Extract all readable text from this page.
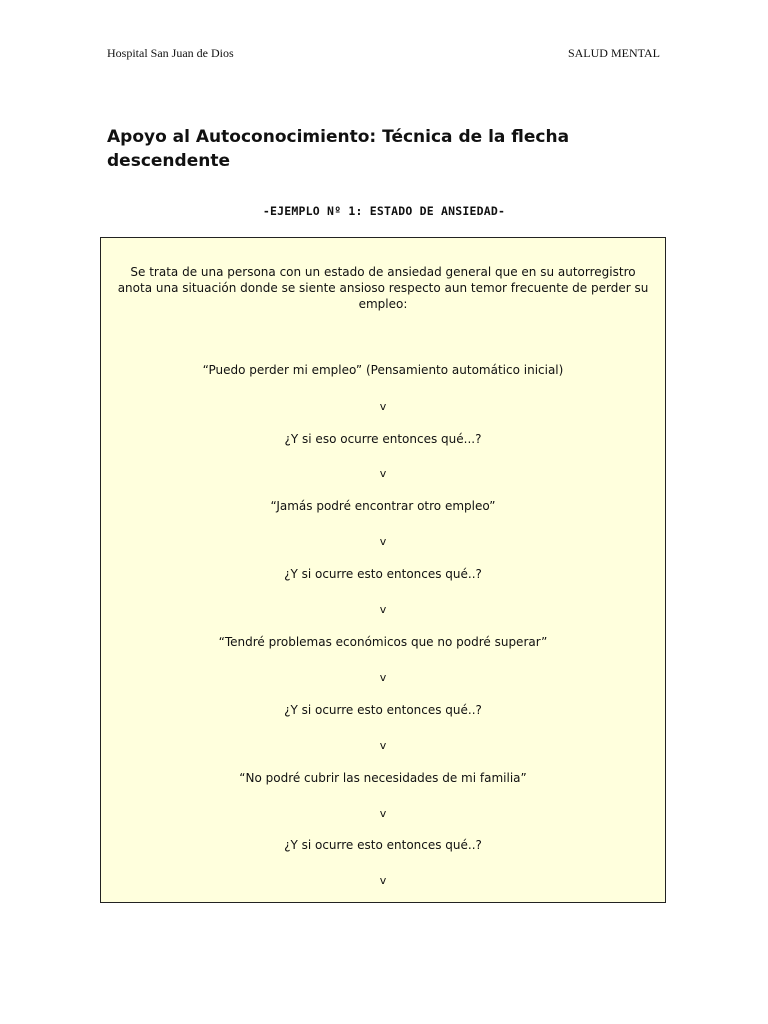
Hospital San Juan de Dios	SALUD MENTAL
Apoyo al Autoconocimiento: Técnica de la flecha descendente
-EJEMPLO Nº 1: ESTADO DE ANSIEDAD-
Se trata de una persona con un estado de ansiedad general que en su autorregistro anota una situación donde se siente ansioso respecto aun temor frecuente de perder su empleo:
“Puedo perder mi empleo” (Pensamiento automático inicial)
v
¿Y si eso ocurre entonces qué...?
v
“Jamás podré encontrar otro empleo”
v
¿Y si ocurre esto entonces qué..?
v
“Tendré problemas económicos que no podré superar”
v
¿Y si ocurre esto entonces qué..?
v
“No podré cubrir las necesidades de mi familia”
v
¿Y si ocurre esto entonces qué..?
v
